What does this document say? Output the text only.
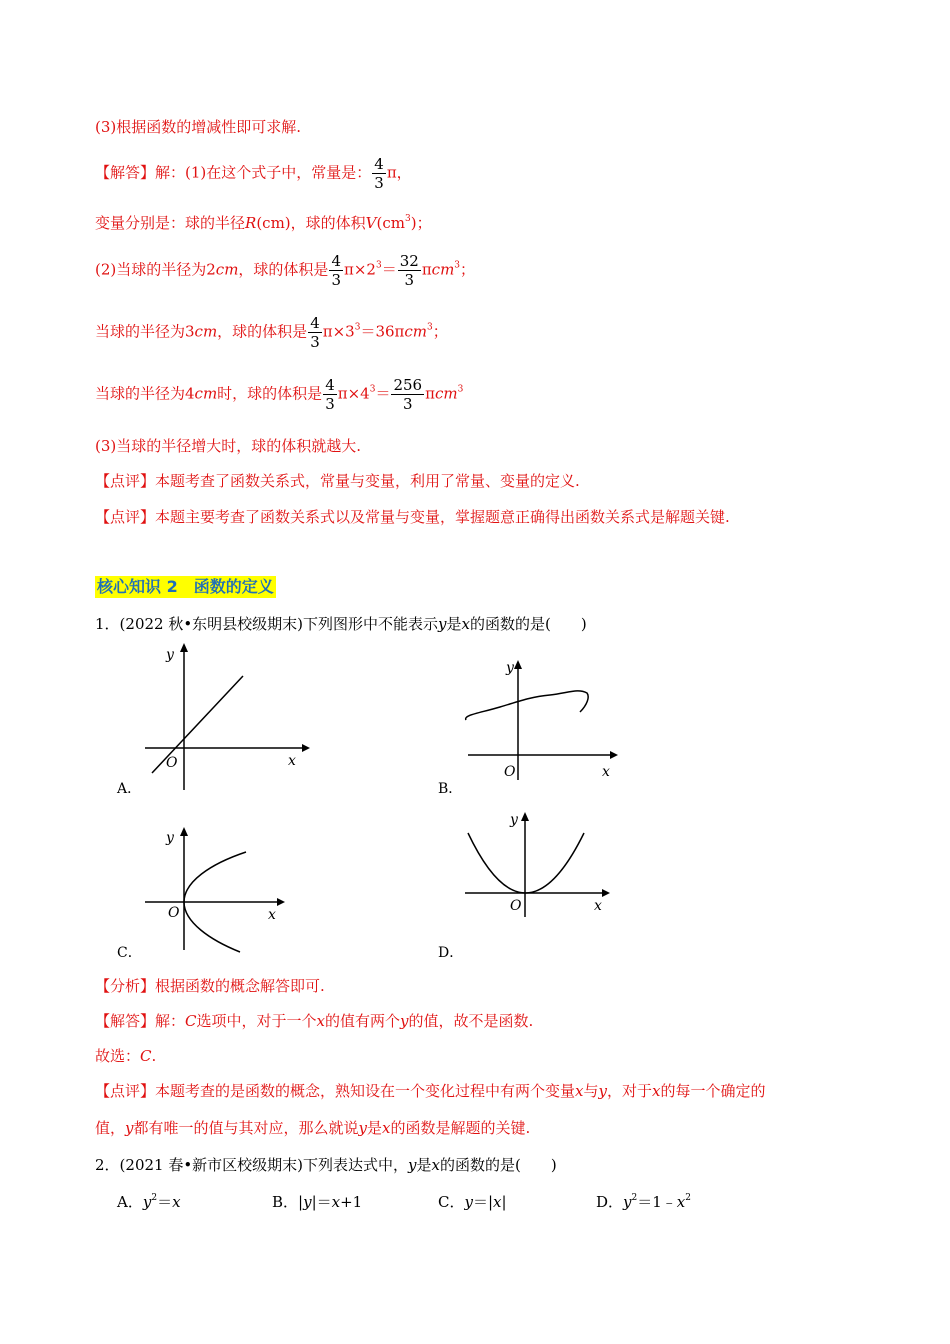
(3)根据函数的增减性即可求解.
【解答】解：(1)在这个式子中，常量是： $\frac{4}{3}$ π，
变量分别是：球的半径R(cm)，球的体积$V(cm^3)$；
(2)当球的半径为2cm，球的体积是 $\frac{4}{3} \pi\times 2^3= \frac{32}{3} \pi cm^3$；
当球的半径为3cm，球的体积是 $\frac{4}{3} \pi\times 3^3=36\pi cm^3$；
当球的半径为4cm时，球的体积是 $\frac{4}{3} \pi\times 4^3= \frac{256}{3} \pi cm^3$
(3)当球的半径增大时，球的体积就越大.
【点评】本题考查了函数关系式，常量与变量，利用了常量、变量的定义.
【点评】本题主要考查了函数关系式以及常量与变量，掌握题意正确得出函数关系式是解题关键.
核心知识 2　函数的定义
1．(2022 秋•东明县校级期末)下列图形中不能表示y是x的函数的是(　　)
y
x
O
A．
y
x
O
B．
y
x
O
C．
y
x
O
D．
【分析】根据函数的概念解答即可.
【解答】解：C选项中，对于一个x的值有两个y的值，故不是函数.
故选：C.
【点评】本题考查的是函数的概念，熟知设在一个变化过程中有两个变量x与y，对于x的每一个确定的
值，y都有唯一的值与其对应，那么就说y是x的函数是解题的关键.
2．(2021 春•新市区校级期末)下列表达式中，y是x的函数的是(　　)
A．$y^2=x$	B．|y|＝x+1	C．y＝|x|	D．$y^2=1﹣x^2$
